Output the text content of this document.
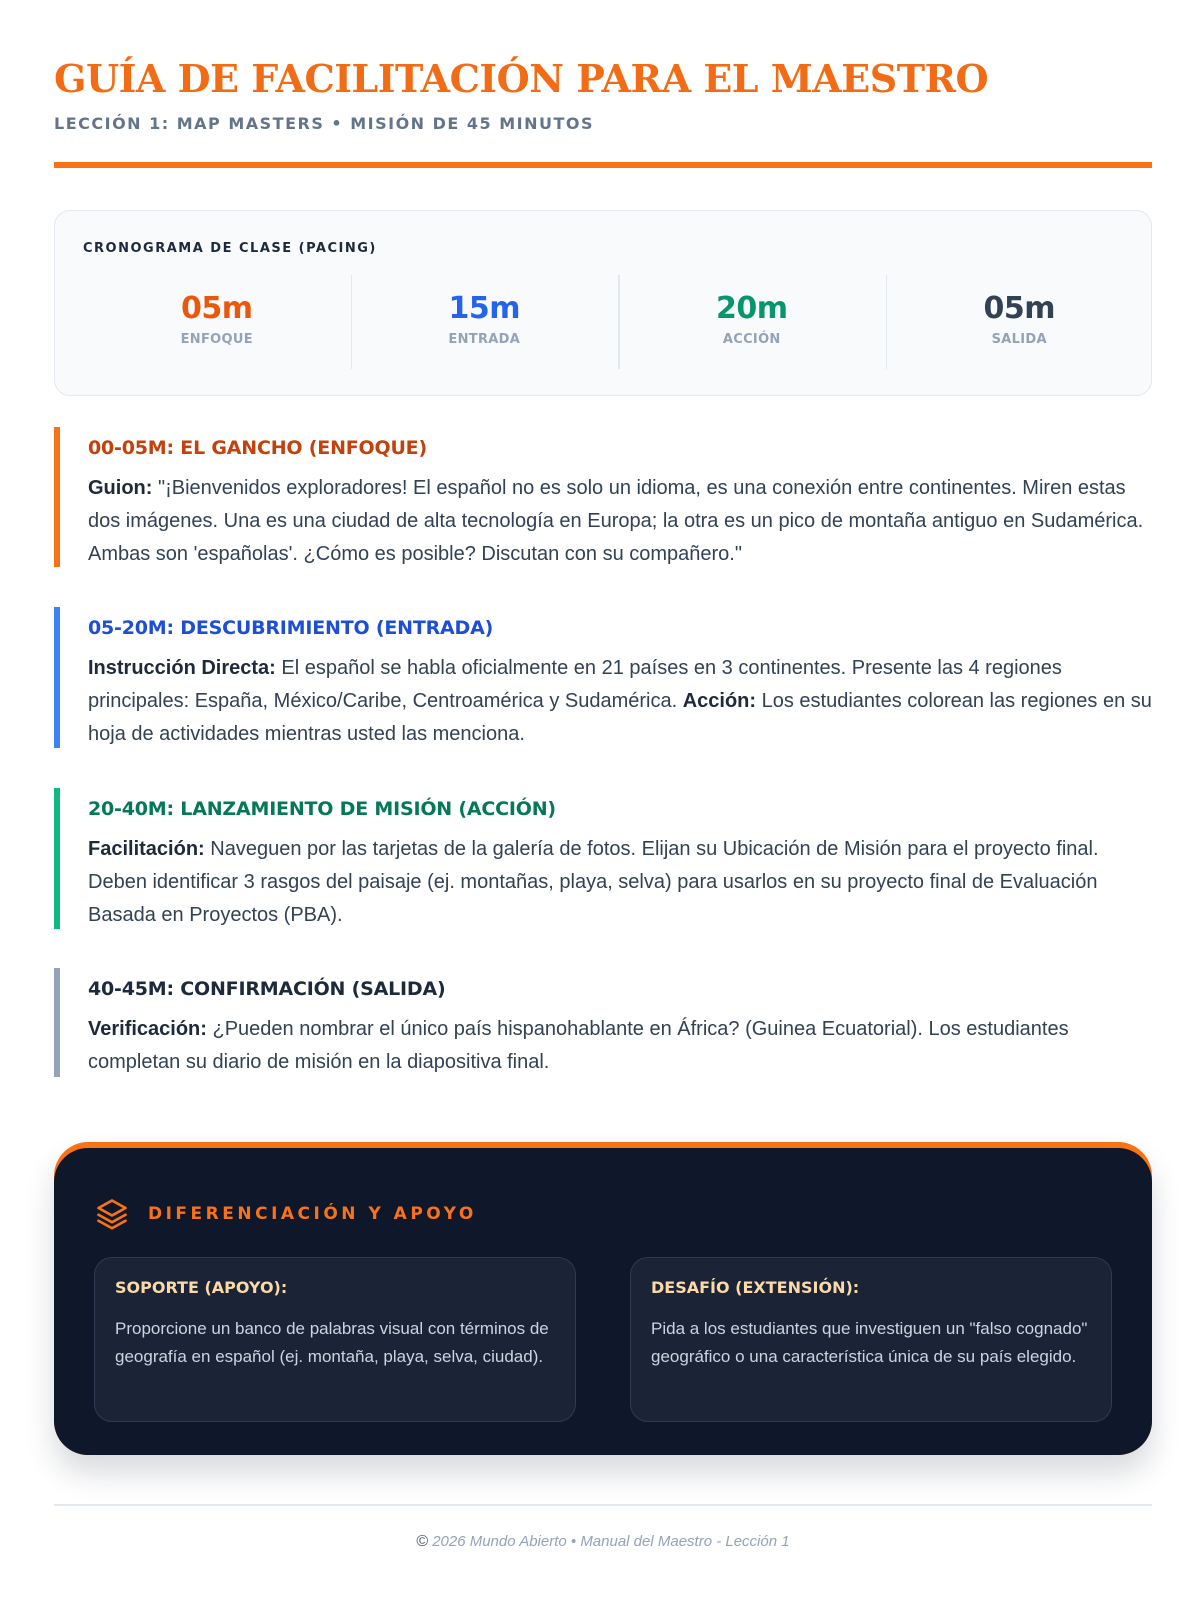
GUÍA DE FACILITACIÓN PARA EL MAESTRO
LECCIÓN 1: MAP MASTERS • MISIÓN DE 45 MINUTOS
CRONOGRAMA DE CLASE (PACING)
05m
ENFOQUE
15m
ENTRADA
20m
ACCIÓN
05m
SALIDA
00-05M: EL GANCHO (ENFOQUE)

Guion: "¡Bienvenidos exploradores! El español no es solo un idioma, es una conexión entre continentes. Miren estas dos imágenes. Una es una ciudad de alta tecnología en Europa; la otra es un pico de montaña antiguo en Sudamérica. Ambas son 'españolas'. ¿Cómo es posible? Discutan con su compañero."

05-20M: DESCUBRIMIENTO (ENTRADA)

Instrucción Directa: El español se habla oficialmente en 21 países en 3 continentes. Presente las 4 regiones principales: España, México/Caribe, Centroamérica y Sudamérica. Acción: Los estudiantes colorean las regiones en su hoja de actividades mientras usted las menciona.

20-40M: LANZAMIENTO DE MISIÓN (ACCIÓN)

Facilitación: Naveguen por las tarjetas de la galería de fotos. Elijan su Ubicación de Misión para el proyecto final. Deben identificar 3 rasgos del paisaje (ej. montañas, playa, selva) para usarlos en su proyecto final de Evaluación Basada en Proyectos (PBA).

40-45M: CONFIRMACIÓN (SALIDA)

Verificación: ¿Pueden nombrar el único país hispanohablante en África? (Guinea Ecuatorial). Los estudiantes completan su diario de misión en la diapositiva final.

DIFERENCIACIÓN Y APOYO
SOPORTE (APOYO):
Proporcione un banco de palabras visual con términos de geografía en español (ej. montaña, playa, selva, ciudad).
DESAFÍO (EXTENSIÓN):
Pida a los estudiantes que investiguen un "falso cognado" geográfico o una característica única de su país elegido.
© 2026 Mundo Abierto • Manual del Maestro - Lección 1
